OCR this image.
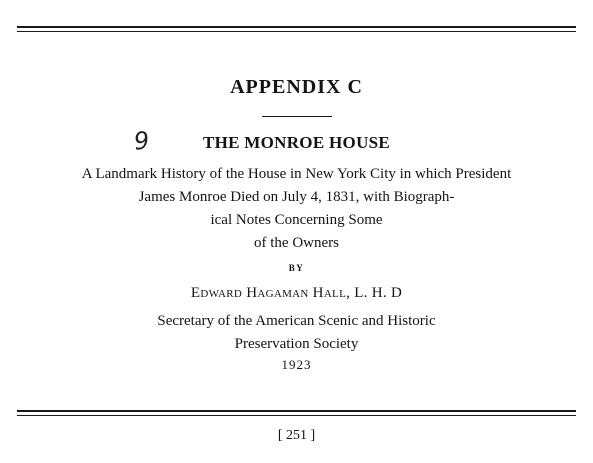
APPENDIX C
9	THE MONROE HOUSE
A Landmark History of the House in New York City in which President
James Monroe Died on July 4, 1831, with Biograph-
ical Notes Concerning Some
of the Owners
BY
Edward Hagaman Hall, L. H. D
Secretary of the American Scenic and Historic
Preservation Society
1923
[ 251 ]
